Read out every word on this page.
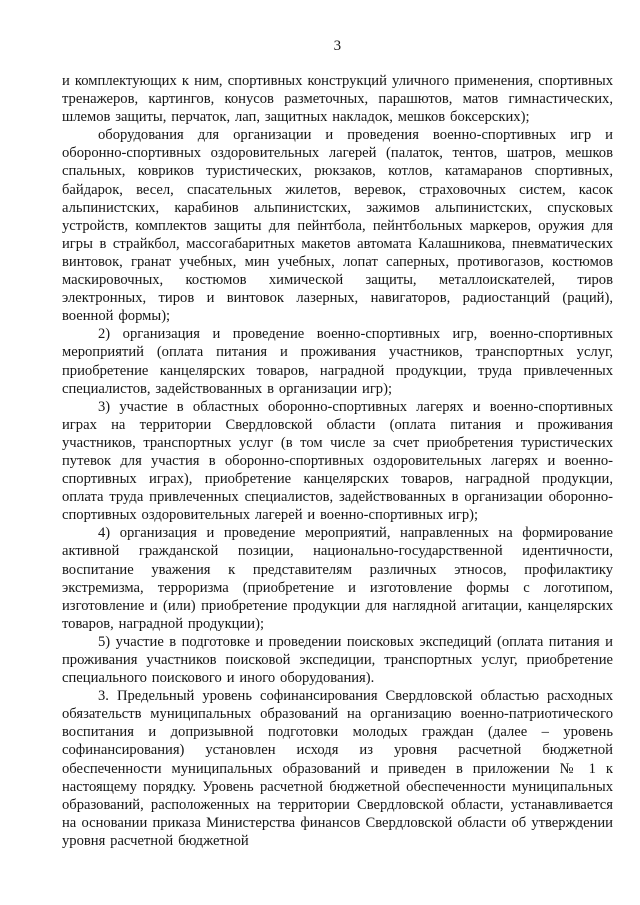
3

и комплектующих к ним, спортивных конструкций уличного применения, спортивных тренажеров, картингов, конусов разметочных, парашютов, матов гимнастических, шлемов защиты, перчаток, лап, защитных накладок, мешков боксерских);

оборудования для организации и проведения военно-спортивных игр и оборонно-спортивных оздоровительных лагерей (палаток, тентов, шатров, мешков спальных, ковриков туристических, рюкзаков, котлов, катамаранов спортивных, байдарок, весел, спасательных жилетов, веревок, страховочных систем, касок альпинистских, карабинов альпинистских, зажимов альпинистских, спусковых устройств, комплектов защиты для пейнтбола, пейнтбольных маркеров, оружия для игры в страйкбол, массогабаритных макетов автомата Калашникова, пневматических винтовок, гранат учебных, мин учебных, лопат саперных, противогазов, костюмов маскировочных, костюмов химической защиты, металлоискателей, тиров электронных, тиров и винтовок лазерных, навигаторов, радиостанций (раций), военной формы);

2) организация и проведение военно-спортивных игр, военно-спортивных мероприятий (оплата питания и проживания участников, транспортных услуг, приобретение канцелярских товаров, наградной продукции, труда привлеченных специалистов, задействованных в организации игр);

3) участие в областных оборонно-спортивных лагерях и военно-спортивных играх на территории Свердловской области (оплата питания и проживания участников, транспортных услуг (в том числе за счет приобретения туристических путевок для участия в оборонно-спортивных оздоровительных лагерях и военно-спортивных играх), приобретение канцелярских товаров, наградной продукции, оплата труда привлеченных специалистов, задействованных в организации оборонно-спортивных оздоровительных лагерей и военно-спортивных игр);

4) организация и проведение мероприятий, направленных на формирование активной гражданской позиции, национально-государственной идентичности, воспитание уважения к представителям различных этносов, профилактику экстремизма, терроризма (приобретение и изготовление формы с логотипом, изготовление и (или) приобретение продукции для наглядной агитации, канцелярских товаров, наградной продукции);

5) участие в подготовке и проведении поисковых экспедиций (оплата питания и проживания участников поисковой экспедиции, транспортных услуг, приобретение специального поискового и иного оборудования).

3. Предельный уровень софинансирования Свердловской областью расходных обязательств муниципальных образований на организацию военно-патриотического воспитания и допризывной подготовки молодых граждан (далее – уровень софинансирования) установлен исходя из уровня расчетной бюджетной обеспеченности муниципальных образований и приведен в приложении № 1 к настоящему порядку. Уровень расчетной бюджетной обеспеченности муниципальных образований, расположенных на территории Свердловской области, устанавливается на основании приказа Министерства финансов Свердловской области об утверждении уровня расчетной бюджетной
